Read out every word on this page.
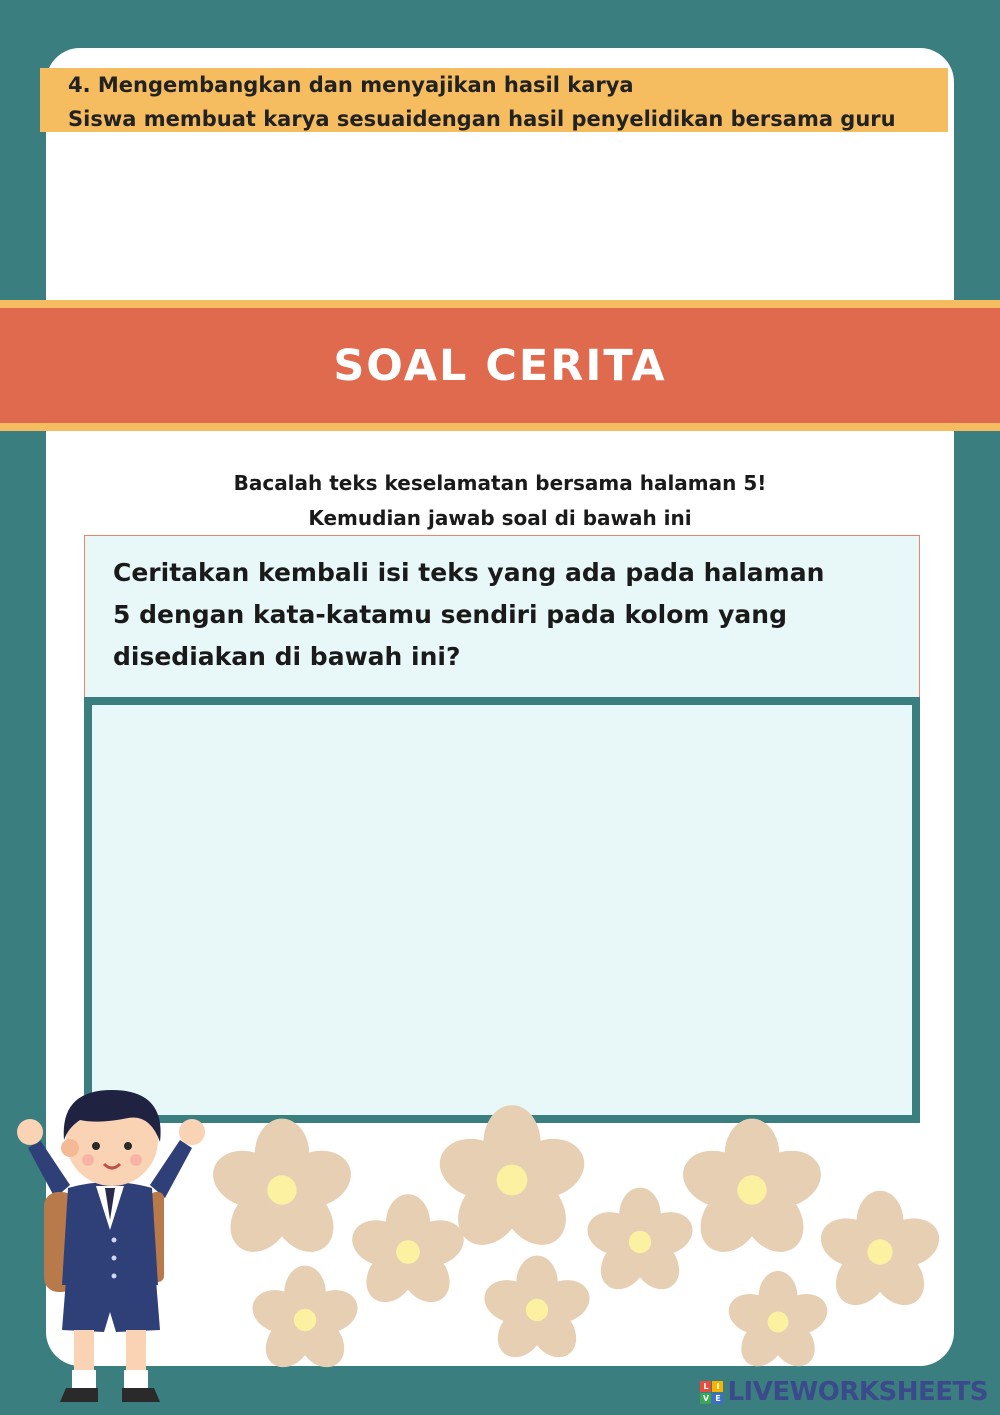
4. Mengembangkan dan menyajikan hasil karya
Siswa membuat karya sesuaidengan hasil penyelidikan bersama guru
SOAL CERITA
Bacalah teks keselamatan bersama halaman 5!
Kemudian jawab soal di bawah ini
Ceritakan kembali isi teks yang ada pada halaman
5 dengan kata-katamu sendiri pada kolom yang
disediakan di bawah ini?
L I
V E LIVEWORKSHEETS
